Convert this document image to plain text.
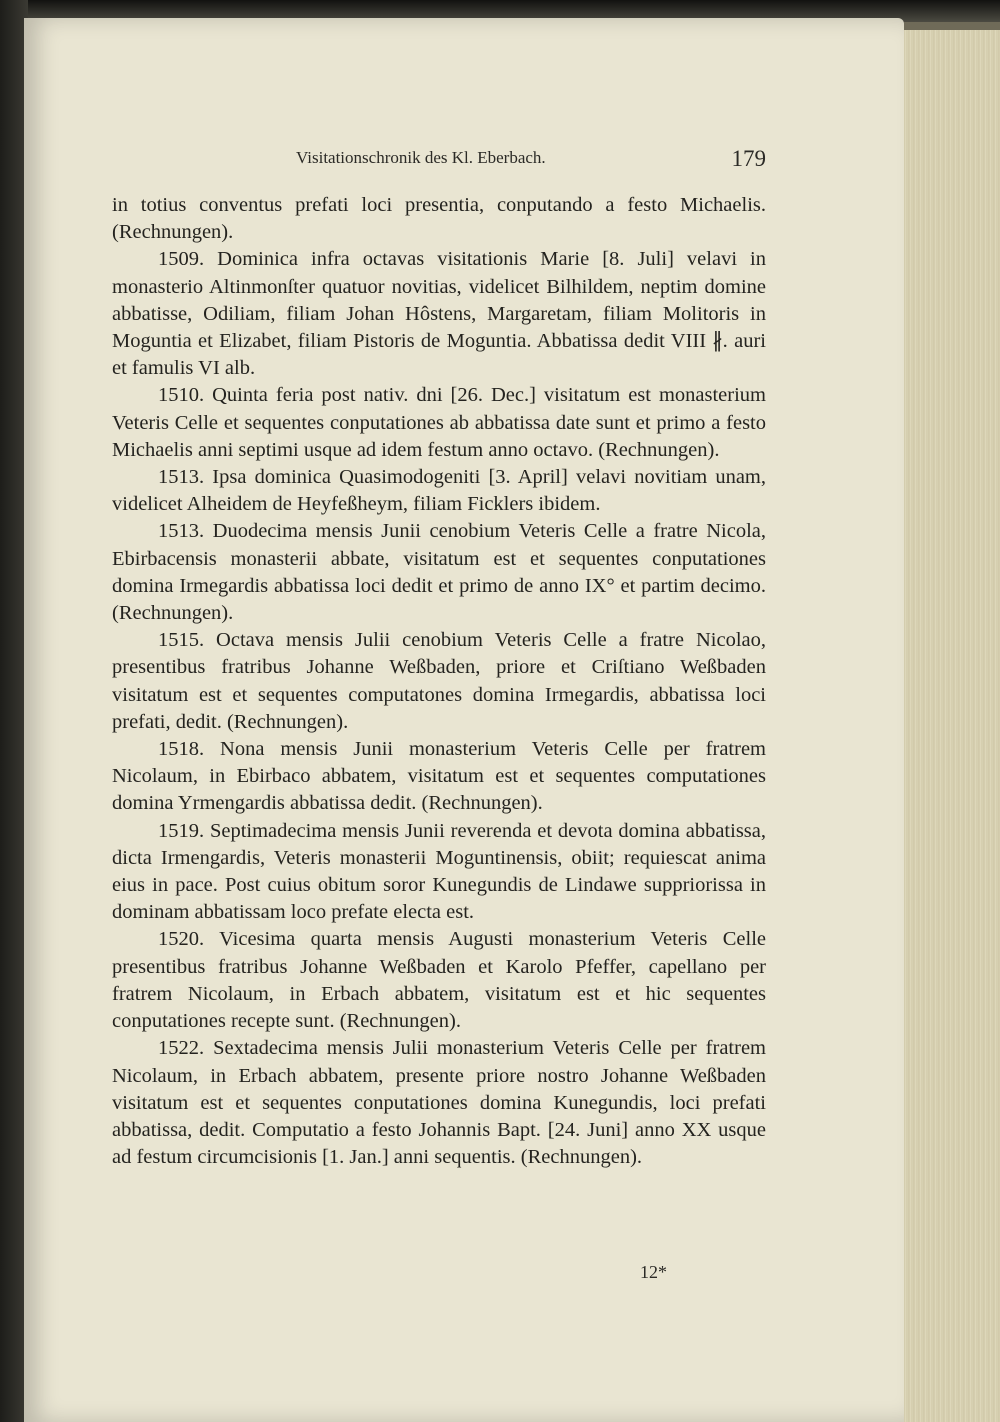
Visitationschronik des Kl. Eberbach.	179

in totius conventus prefati loci presentia, conputando a festo Michaelis. (Rechnungen).

1509. Dominica infra octavas visitationis Marie [8. Juli] velavi in monasterio Altinmonſter quatuor novitias, videlicet Bilhildem, neptim domine abbatisse, Odiliam, filiam Johan Hôstens, Margaretam, filiam Molitoris in Moguntia et Elizabet, filiam Pistoris de Moguntia. Abbatissa dedit VIII ∦. auri et famulis VI alb.

1510. Quinta feria post nativ. dni [26. Dec.] visitatum est monasterium Veteris Celle et sequentes conputationes ab abbatissa date sunt et primo a festo Michaelis anni septimi usque ad idem festum anno octavo. (Rechnungen).

1513. Ipsa dominica Quasimodogeniti [3. April] velavi novitiam unam, videlicet Alheidem de Heyfeßheym, filiam Ficklers ibidem.

1513. Duodecima mensis Junii cenobium Veteris Celle a fratre Nicola, Ebirbacensis monasterii abbate, visitatum est et sequentes conputationes domina Irmegardis abbatissa loci dedit et primo de anno IX° et partim decimo. (Rechnungen).

1515. Octava mensis Julii cenobium Veteris Celle a fratre Nicolao, presentibus fratribus Johanne Weßbaden, priore et Criſtiano Weßbaden visitatum est et sequentes computatones domina Irmegardis, abbatissa loci prefati, dedit. (Rechnungen).

1518. Nona mensis Junii monasterium Veteris Celle per fratrem Nicolaum, in Ebirbaco abbatem, visitatum est et sequentes computationes domina Yrmengardis abbatissa dedit. (Rechnungen).

1519. Septimadecima mensis Junii reverenda et devota domina abbatissa, dicta Irmengardis, Veteris monasterii Moguntinensis, obiit; requiescat anima eius in pace. Post cuius obitum soror Kunegundis de Lindawe suppriorissa in dominam abbatissam loco prefate electa est.

1520. Vicesima quarta mensis Augusti monasterium Veteris Celle presentibus fratribus Johanne Weßbaden et Karolo Pfeffer, capellano per fratrem Nicolaum, in Erbach abbatem, visitatum est et hic sequentes conputationes recepte sunt. (Rechnungen).

1522. Sextadecima mensis Julii monasterium Veteris Celle per fratrem Nicolaum, in Erbach abbatem, presente priore nostro Johanne Weßbaden visitatum est et sequentes conputationes domina Kunegundis, loci prefati abbatissa, dedit. Computatio a festo Johannis Bapt. [24. Juni] anno XX usque ad festum circumcisionis [1. Jan.] anni sequentis. (Rechnungen).

12*
